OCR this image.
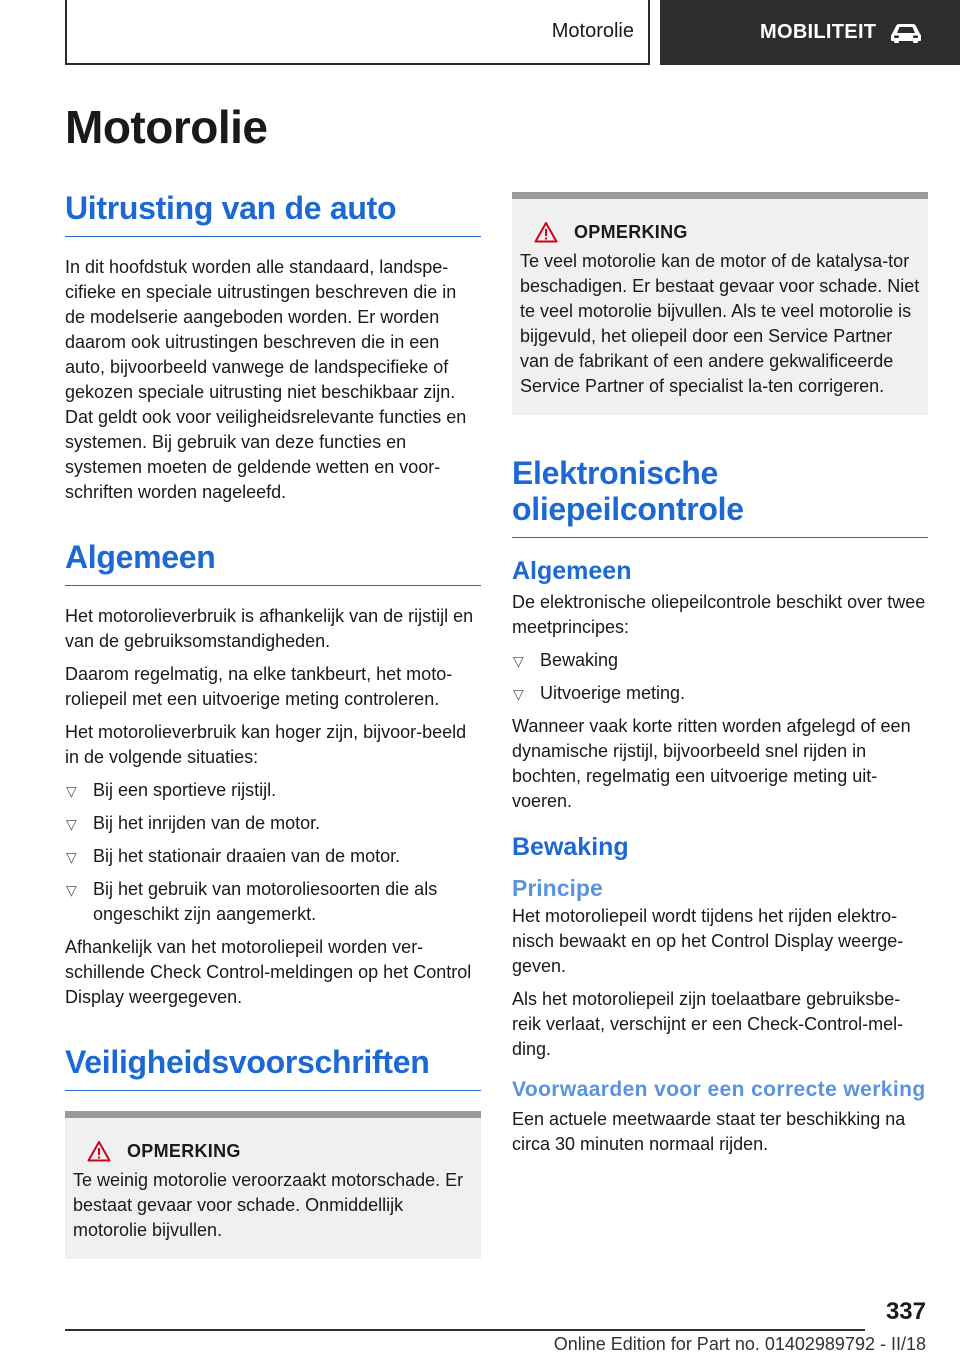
Motorolie	MOBILITEIT
Motorolie
Uitrusting van de auto

In dit hoofdstuk worden alle standaard, landspe-cifieke en speciale uitrustingen beschreven die in de modelserie aangeboden worden. Er worden daarom ook uitrustingen beschreven die in een auto, bijvoorbeeld vanwege de landspecifieke of gekozen speciale uitrusting niet beschikbaar zijn. Dat geldt ook voor veiligheidsrelevante functies en systemen. Bij gebruik van deze functies en systemen moeten de geldende wetten en voor-schriften worden nageleefd.

Algemeen

Het motorolieverbruik is afhankelijk van de rijstijl en van de gebruiksomstandigheden.

Daarom regelmatig, na elke tankbeurt, het moto-roliepeil met een uitvoerige meting controleren.

Het motorolieverbruik kan hoger zijn, bijvoor-beeld in de volgende situaties:

▽ Bij een sportieve rijstijl.
▽ Bij het inrijden van de motor.
▽ Bij het stationair draaien van de motor.
▽ Bij het gebruik van motoroliesoorten die als ongeschikt zijn aangemerkt.

Afhankelijk van het motoroliepeil worden ver-schillende Check Control-meldingen op het Control Display weergegeven.

Veiligheidsvoorschriften
OPMERKING

Te weinig motorolie veroorzaakt motorschade. Er bestaat gevaar voor schade. Onmiddellijk motorolie bijvullen.

OPMERKING

Te veel motorolie kan de motor of de katalysa-tor beschadigen. Er bestaat gevaar voor schade. Niet te veel motorolie bijvullen. Als te veel motorolie is bijgevuld, het oliepeil door een Service Partner van de fabrikant of een andere gekwalificeerde Service Partner of specialist la-ten corrigeren.

Elektronische oliepeilcontrole
Algemeen

De elektronische oliepeilcontrole beschikt over twee meetprincipes:

▽ Bewaking
▽ Uitvoerige meting.

Wanneer vaak korte ritten worden afgelegd of een dynamische rijstijl, bijvoorbeeld snel rijden in bochten, regelmatig een uitvoerige meting uit-voeren.

Bewaking
Principe

Het motoroliepeil wordt tijdens het rijden elektro-nisch bewaakt en op het Control Display weerge-geven.

Als het motoroliepeil zijn toelaatbare gebruiksbe-reik verlaat, verschijnt er een Check-Control-mel-ding.

Voorwaarden voor een correcte werking

Een actuele meetwaarde staat ter beschikking na circa 30 minuten normaal rijden.

337
Online Edition for Part no. 01402989792 - II/18
